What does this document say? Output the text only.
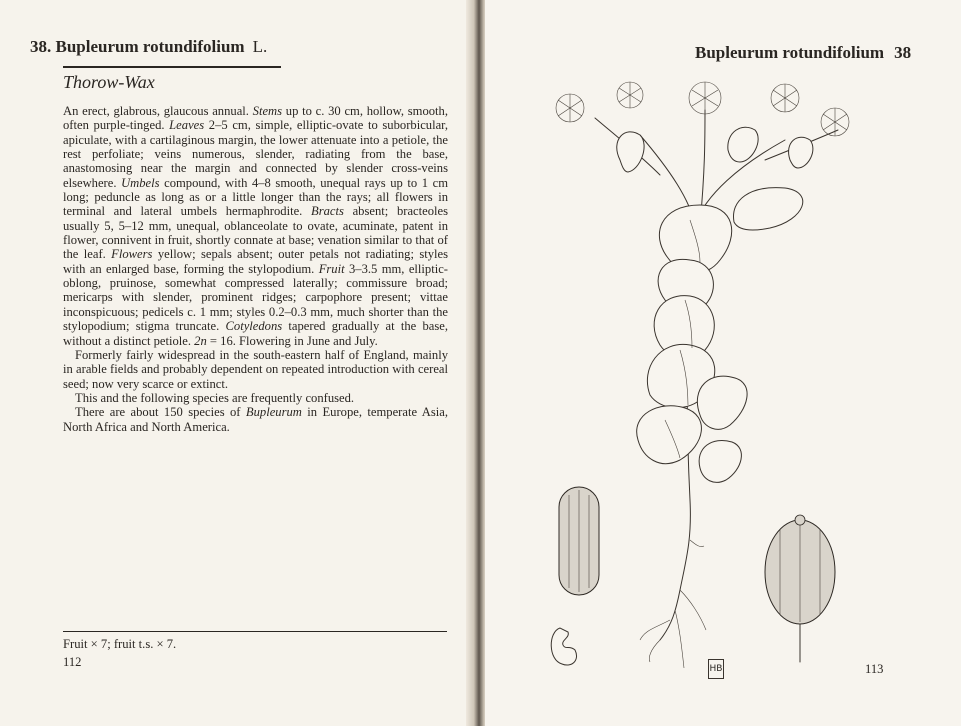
38. Bupleurum rotundifolium L.
Thorow-Wax

An erect, glabrous, glaucous annual. Stems up to c. 30 cm, hollow, smooth, often purple-tinged. Leaves 2–5 cm, simple, elliptic-ovate to suborbicular, apiculate, with a cartilaginous margin, the lower attenuate into a petiole, the rest perfoliate; veins numerous, slender, radiating from the base, anastomosing near the margin and connected by slender cross-veins elsewhere. Umbels compound, with 4–8 smooth, unequal rays up to 1 cm long; peduncle as long as or a little longer than the rays; all flowers in terminal and lateral umbels hermaphrodite. Bracts absent; bracteoles usually 5, 5–12 mm, unequal, oblanceolate to ovate, acuminate, patent in flower, connivent in fruit, shortly connate at base; venation similar to that of the leaf. Flowers yellow; sepals absent; outer petals not radiating; styles with an enlarged base, forming the stylopodium. Fruit 3–3.5 mm, elliptic-oblong, pruinose, somewhat compressed laterally; commissure broad; mericarps with slender, prominent ridges; carpophore present; vittae inconspicuous; pedicels c. 1 mm; styles 0.2–0.3 mm, much shorter than the stylopodium; stigma truncate. Cotyledons tapered gradually at the base, without a distinct petiole. 2n = 16. Flowering in June and July.

Formerly fairly widespread in the south-eastern half of England, mainly in arable fields and probably dependent on repeated introduction with cereal seed; now very scarce or extinct.

This and the following species are frequently confused.

There are about 150 species of Bupleurum in Europe, temperate Asia, North Africa and North America.

Fruit × 7; fruit t.s. × 7.
112
Bupleurum rotundifolium 38
HB	113
